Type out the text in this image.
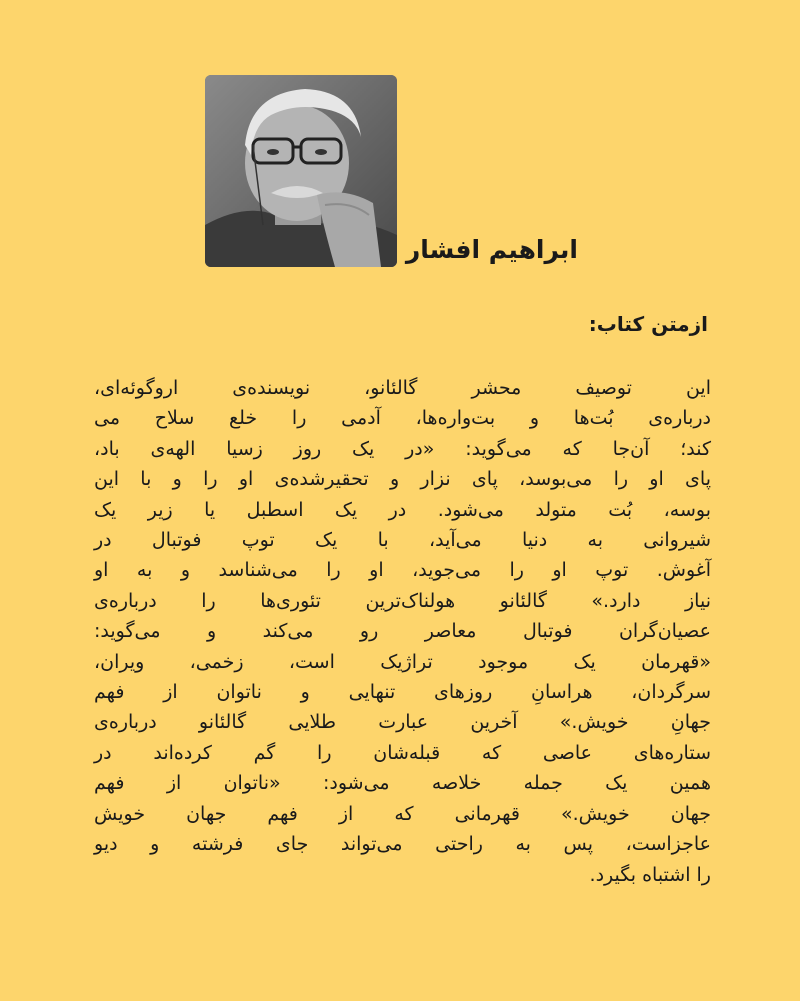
ابراهیم افشار
ازمتن کتاب:
این توصیف محشر گالئانو، نویسنده‌ی اروگوئه‌ای،
درباره‌ی بُت‌ها و بت‌واره‌ها، آدمی را خلع سلاح می
کند؛ آن‌جا که می‌گوید: «در یک روز زسیا الهه‌ی باد،
پای او را می‌بوسد، پای نزار و تحقیرشده‌ی او را و با این
بوسه، بُت متولد می‌شود. در یک اسطبل یا زیر یک
شیروانی به دنیا می‌آید، با یک توپ فوتبال در
آغوش. توپ او را می‌جوید، او را می‌شناسد و به او
نیاز دارد.» گالئانو هولناک‌ترین تئوری‌ها را درباره‌ی
عصیان‌گران فوتبال معاصر رو می‌کند و می‌گوید:
«قهرمان یک موجود تراژیک است، زخمی، ویران،
سرگردان، هراسانِ روزهای تنهایی و ناتوان از فهم
جهانِ خویش.» آخرین عبارت طلایی گالئانو درباره‌ی
ستاره‌های عاصی که قبله‌شان را گم کرده‌اند در
همین یک جمله خلاصه می‌شود: «ناتوان از فهم
جهان خویش.» قهرمانی که از فهم جهان خویش
عاجزاست، پس به راحتی می‌تواند جای فرشته و دیو
را اشتباه بگیرد.
